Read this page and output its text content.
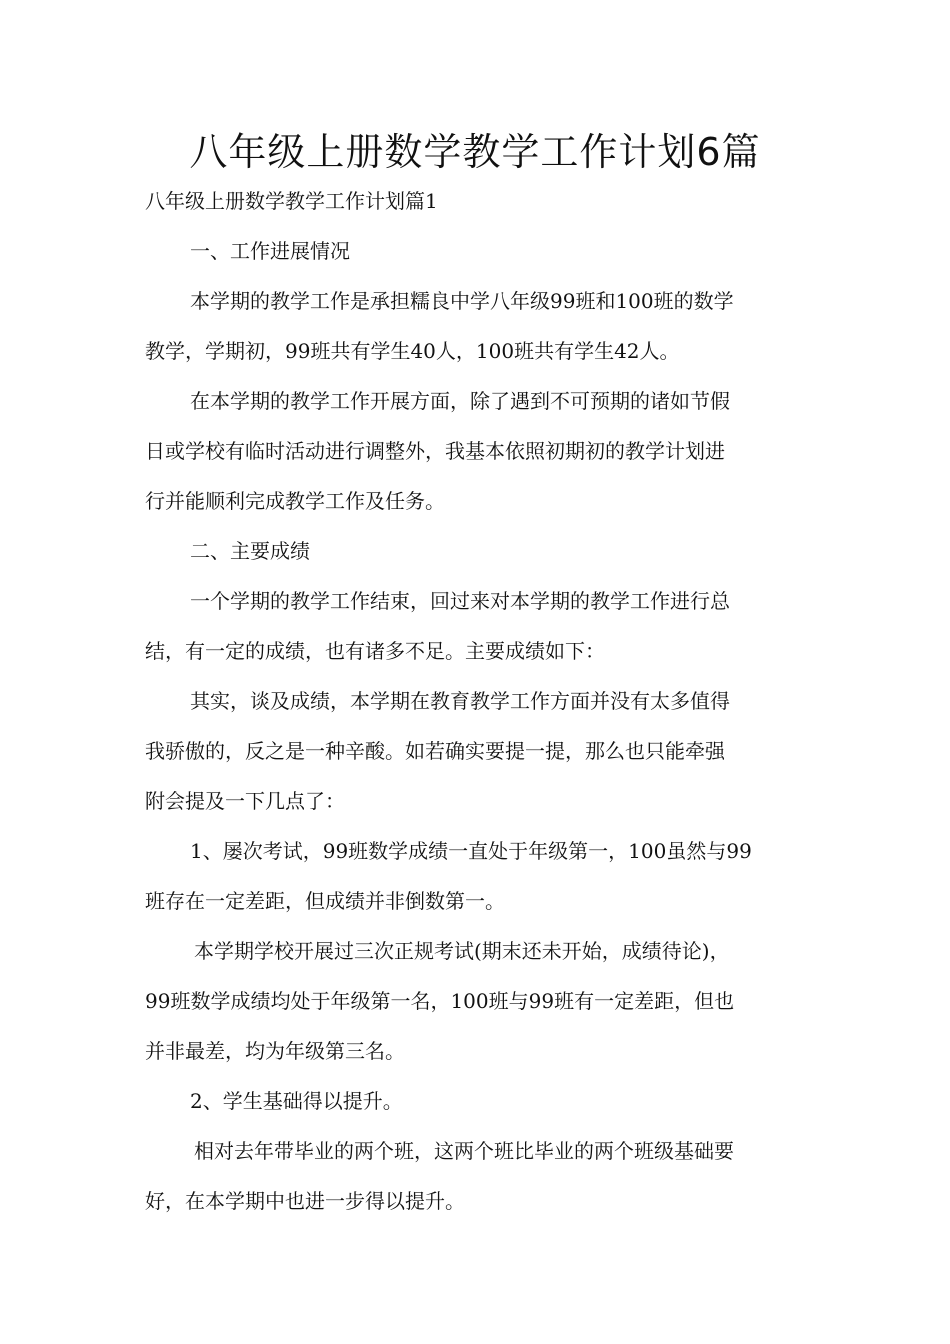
八年级上册数学教学工作计划6篇

八年级上册数学教学工作计划篇1

一、工作进展情况

本学期的教学工作是承担糯良中学八年级99班和100班的数学

教学，学期初，99班共有学生40人，100班共有学生42人。

在本学期的教学工作开展方面，除了遇到不可预期的诸如节假

日或学校有临时活动进行调整外，我基本依照初期初的教学计划进

行并能顺利完成教学工作及任务。

二、主要成绩

一个学期的教学工作结束，回过来对本学期的教学工作进行总

结，有一定的成绩，也有诸多不足。主要成绩如下：

其实，谈及成绩，本学期在教育教学工作方面并没有太多值得

我骄傲的，反之是一种辛酸。如若确实要提一提，那么也只能牵强

附会提及一下几点了：

1、屡次考试，99班数学成绩一直处于年级第一，100虽然与99

班存在一定差距，但成绩并非倒数第一。

本学期学校开展过三次正规考试(期末还未开始，成绩待论)，

99班数学成绩均处于年级第一名，100班与99班有一定差距，但也

并非最差，均为年级第三名。

2、学生基础得以提升。

相对去年带毕业的两个班，这两个班比毕业的两个班级基础要

好，在本学期中也进一步得以提升。
